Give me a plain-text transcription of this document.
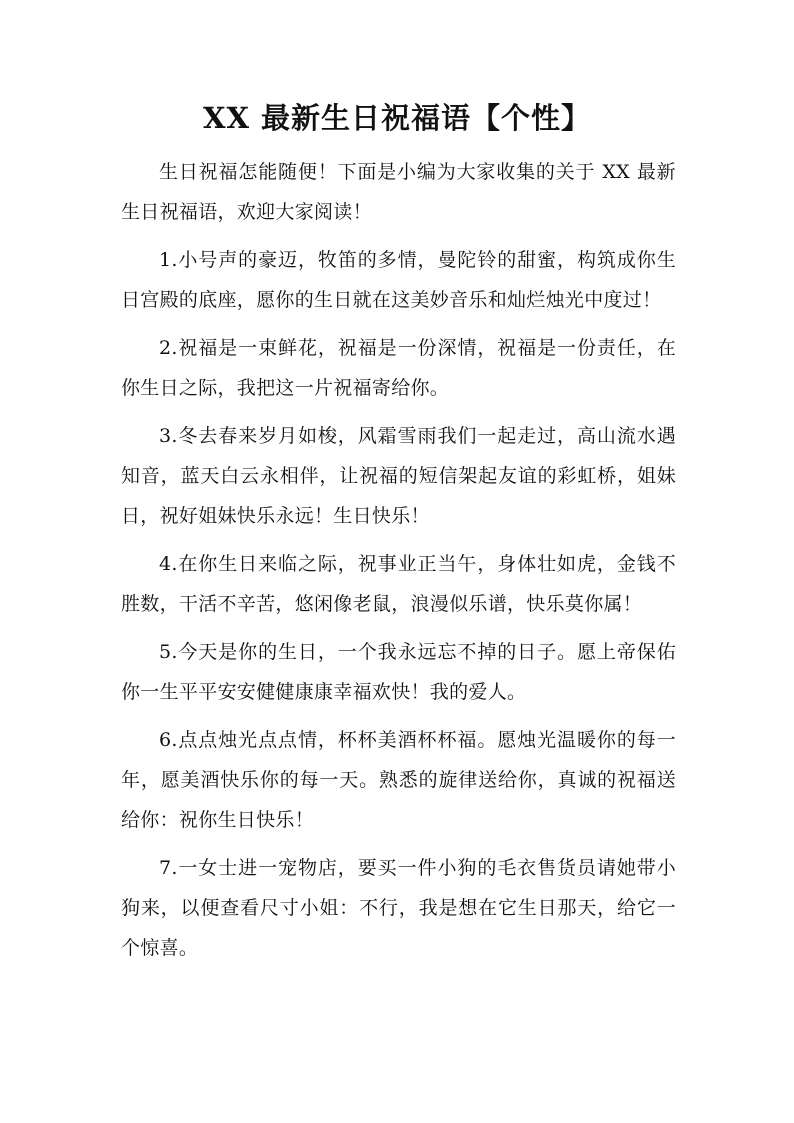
XX 最新生日祝福语【个性】

生日祝福怎能随便！下面是小编为大家收集的关于 XX 最新生日祝福语，欢迎大家阅读！

1.小号声的豪迈，牧笛的多情，曼陀铃的甜蜜，构筑成你生日宫殿的底座，愿你的生日就在这美妙音乐和灿烂烛光中度过！

2.祝福是一束鲜花，祝福是一份深情，祝福是一份责任，在你生日之际，我把这一片祝福寄给你。

3.冬去春来岁月如梭，风霜雪雨我们一起走过，高山流水遇知音，蓝天白云永相伴，让祝福的短信架起友谊的彩虹桥，姐妹日，祝好姐妹快乐永远！生日快乐！

4.在你生日来临之际，祝事业正当午，身体壮如虎，金钱不胜数，干活不辛苦，悠闲像老鼠，浪漫似乐谱，快乐莫你属！

5.今天是你的生日，一个我永远忘不掉的日子。愿上帝保佑你一生平平安安健健康康幸福欢快！我的爱人。

6.点点烛光点点情，杯杯美酒杯杯福。愿烛光温暖你的每一年，愿美酒快乐你的每一天。熟悉的旋律送给你，真诚的祝福送给你：祝你生日快乐！

7.一女士进一宠物店，要买一件小狗的毛衣售货员请她带小狗来，以便查看尺寸小姐：不行，我是想在它生日那天，给它一个惊喜。
